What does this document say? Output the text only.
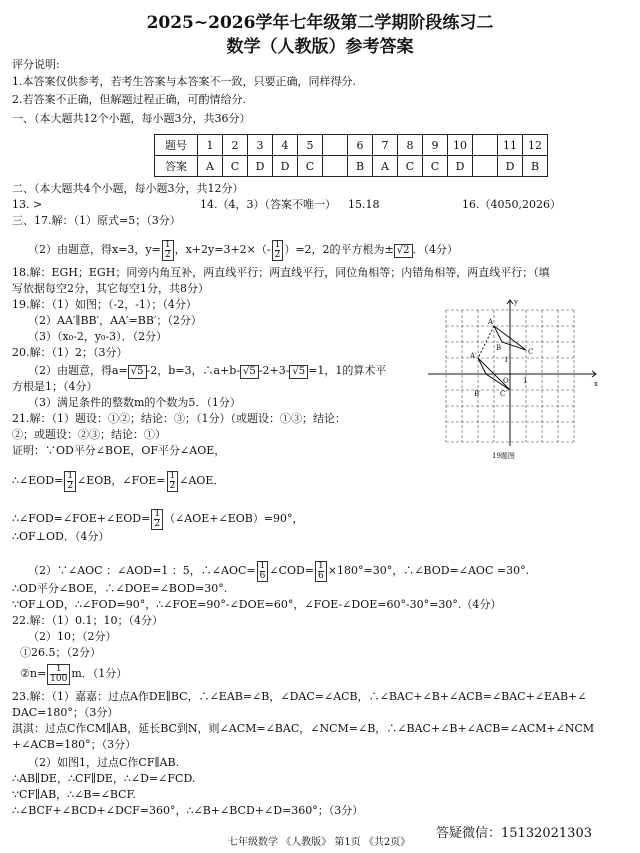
2025~2026学年七年级第二学期阶段练习二
数学（人教版）参考答案
评分说明:
1.本答案仅供参考，若考生答案与本答案不一致，只要正确，同样得分.
2.若答案不正确，但解题过程正确，可酌情给分.
一、（本大题共12个小题，每小题3分，共36分）
题号	1	2	3	4	5		6	7	8	9	10		11	12
答案	A	C	D	D	C		B	A	C	C	D		D	B
二、（本大题共4个小题，每小题3分，共12分）
13. >	14.（4，3）（答案不唯一） 15.18	16.（4050,2026）
三、17.解：（1）原式=5；（3分）
（2）由题意，得x=3，$y= \frac{1}{2}$，$x+2y=3+2\times(- \frac{1}{2})=2$，2的平方根为± √2 ．（4分）
18.解：EGH；EGH；同旁内角互补，两直线平行；两直线平行，同位角相等；内错角相等，两直线平行；（填
写依据每空2分，其它每空1分，共8分）
19.解：（1）如图；（-2，-1）；（4分）
（2）AA′∥BB′，AA′=BB′；（2分）
（3）（x₀-2，y₀-3）．（2分）
20.解：（1）2；（3分）
（2）由题意，得a= √5 -2，b=3，∴a+b- √5 -2+3- √5 =1，1的算术平
方根是1；（4分）
（3）满足条件的整数m的个数为5．（1分）
21.解：（1）题设：①②；结论：③；（1分）（或题设：①③；结论：
②；或题设：②③；结论：①）
证明：∵OD平分∠BOE，OF平分∠AOE，
∴∠EOD= $\frac{1}{2}\angle EOB$，∠FOE= $\frac{1}{2}\angle AOE$．
∴∠FOD=∠FOE+∠EOD= $\frac{1}{2}(\angle AOE+\angle EOB)=90^\circ$，
∴OF⊥OD．（4分）
（2）∵∠AOC ：∠AOD=1 ：5，∴∠AOC= $\frac{1}{6}\angle COD= \frac{1}{6}\times 180^\circ=30^\circ$，∴∠BOD=∠AOC =30°.
∴OD平分∠BOE，∴∠DOE=∠BOD=30°.
∵OF⊥OD，∴∠FOD=90°，∴∠FOE=90°-∠DOE=60°，∠FOE-∠DOE=60°-30°=30°.（4分）
22.解：（1）0.1；10；（4分）
（2）10；（2分）
①26.5；（2分）
②n= $\frac{1}{100}m$．（1分）
23.解：（1）嘉嘉：过点A作DE∥BC，∴∠EAB=∠B，∠DAC=∠ACB，∴∠BAC+∠B+∠ACB=∠BAC+∠EAB+∠
DAC=180°；（3分）
淇淇：过点C作CM∥AB，延长BC到N，则∠ACM=∠BAC，∠NCM=∠B，∴∠BAC+∠B+∠ACB=∠ACM+∠NCM
+∠ACB=180°；（3分）
（2）如图1，过点C作CF∥AB.
∴AB∥DE，∴CF∥DE，∴∠D=∠FCD.
∵CF∥AB，∴∠B=∠BCF.
∴∠BCF+∠BCD+∠DCF=360°，∴∠B+∠BCD+∠D=360°；（3分）
y
x
O 1
1
A
B	C
A′
B′	C′
19题图
七年级数学 《人教版》 第1页 《共2页》
答疑微信：15132021303
